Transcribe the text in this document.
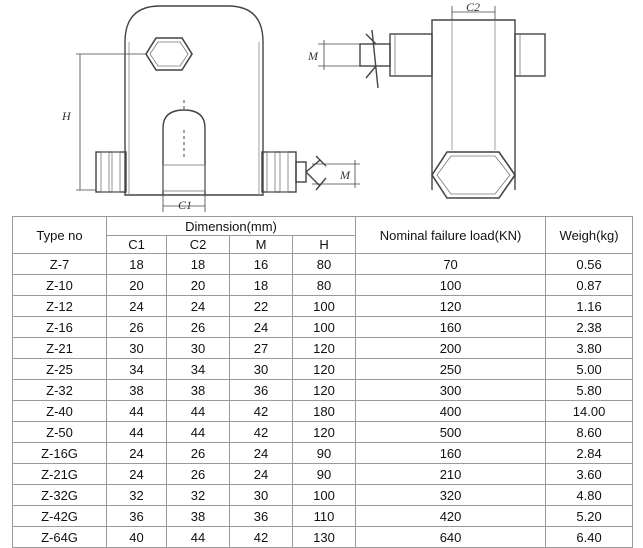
C1
C2
H
M
M
Type no	Dimension(mm)				Nominal failure load(KN)	Weigh(kg)
	C1	C2	M	H		
Z-7	18	18	16	80	70	0.56
Z-10	20	20	18	80	100	0.87
Z-12	24	24	22	100	120	1.16
Z-16	26	26	24	100	160	2.38
Z-21	30	30	27	120	200	3.80
Z-25	34	34	30	120	250	5.00
Z-32	38	38	36	120	300	5.80
Z-40	44	44	42	180	400	14.00
Z-50	44	44	42	120	500	8.60
Z-16G	24	26	24	90	160	2.84
Z-21G	24	26	24	90	210	3.60
Z-32G	32	32	30	100	320	4.80
Z-42G	36	38	36	110	420	5.20
Z-64G	40	44	42	130	640	6.40
